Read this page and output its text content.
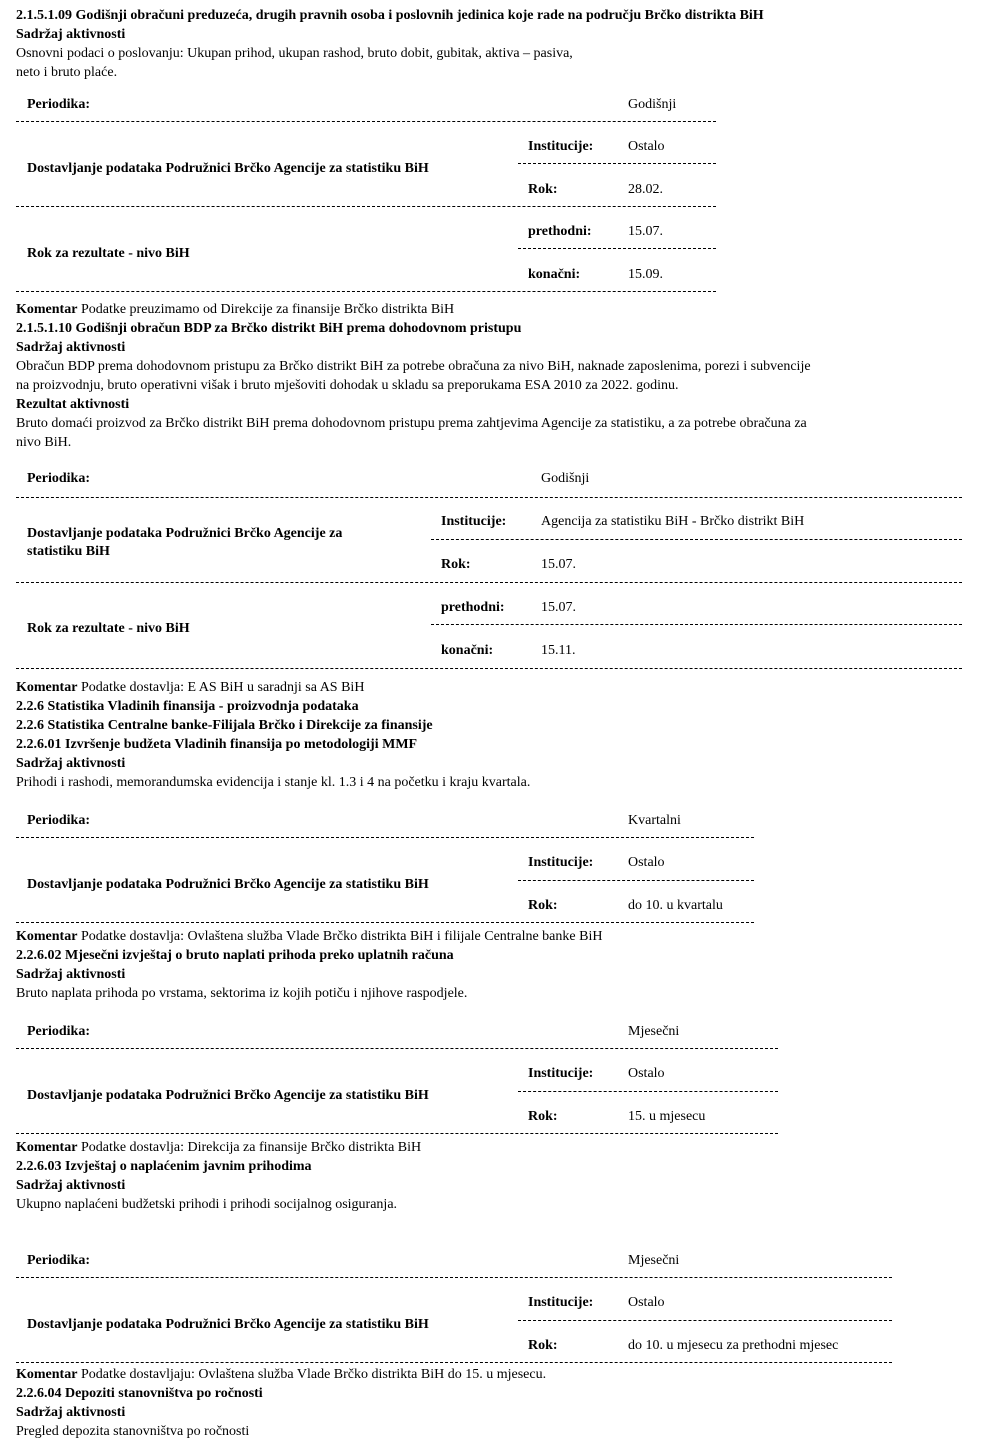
2.1.5.1.09 Godišnji obračuni preduzeća, drugih pravnih osoba i poslovnih jedinica koje rade na području Brčko distrikta BiH
Sadržaj aktivnosti
Osnovni podaci o poslovanju: Ukupan prihod, ukupan rashod, bruto dobit, gubitak, aktiva – pasiva,
neto i bruto plaće.
Periodika:	Godišnji
Institucije: Ostalo
Dostavljanje podataka Podružnici Brčko Agencije za statistiku BiH
Rok:	28.02.
prethodni:	15.07.
Rok za rezultate - nivo BiH
konačni:	15.09.
Komentar Podatke preuzimamo od Direkcije za finansije Brčko distrikta BiH
2.1.5.1.10 Godišnji obračun BDP za Brčko distrikt BiH prema dohodovnom pristupu
Sadržaj aktivnosti
Obračun BDP prema dohodovnom pristupu za Brčko distrikt BiH za potrebe obračuna za nivo BiH, naknade zaposlenima, porezi i subvencije
na proizvodnju, bruto operativni višak i bruto mješoviti dohodak u skladu sa preporukama ESA 2010 za 2022. godinu.
Rezultat aktivnosti
Bruto domaći proizvod za Brčko distrikt BiH prema dohodovnom pristupu prema zahtjevima Agencije za statistiku, a za potrebe obračuna za
nivo BiH.
Periodika:	Godišnji
Institucije: Agencija za statistiku BiH - Brčko distrikt BiH
Dostavljanje podataka Podružnici Brčko Agencije za
statistiku BiH
Rok:	15.07.
prethodni:	15.07.
Rok za rezultate - nivo BiH
konačni:	15.11.
Komentar Podatke dostavlja: E AS BiH u saradnji sa AS BiH
2.2.6 Statistika Vladinih finansija - proizvodnja podataka
2.2.6 Statistika Centralne banke-Filijala Brčko i Direkcije za finansije
2.2.6.01 Izvršenje budžeta Vladinih finansija po metodologiji MMF
Sadržaj aktivnosti
Prihodi i rashodi, memorandumska evidencija i stanje kl. 1.3 i 4 na početku i kraju kvartala.
Periodika:	Kvartalni
Institucije: Ostalo
Dostavljanje podataka Podružnici Brčko Agencije za statistiku BiH
Rok:	do 10. u kvartalu
Komentar Podatke dostavlja: Ovlaštena služba Vlade Brčko distrikta BiH i filijale Centralne banke BiH
2.2.6.02 Mjesečni izvještaj o bruto naplati prihoda preko uplatnih računa
Sadržaj aktivnosti
Bruto naplata prihoda po vrstama, sektorima iz kojih potiču i njihove raspodjele.
Periodika:	Mjesečni
Institucije: Ostalo
Dostavljanje podataka Podružnici Brčko Agencije za statistiku BiH
Rok:	15. u mjesecu
Komentar Podatke dostavlja: Direkcija za finansije Brčko distrikta BiH
2.2.6.03 Izvještaj o naplaćenim javnim prihodima
Sadržaj aktivnosti
Ukupno naplaćeni budžetski prihodi i prihodi socijalnog osiguranja.
Periodika:	Mjesečni
Institucije: Ostalo
Dostavljanje podataka Podružnici Brčko Agencije za statistiku BiH
Rok:	do 10. u mjesecu za prethodni mjesec
Komentar Podatke dostavljaju: Ovlaštena služba Vlade Brčko distrikta BiH do 15. u mjesecu.
2.2.6.04 Depoziti stanovništva po ročnosti
Sadržaj aktivnosti
Pregled depozita stanovništva po ročnosti
